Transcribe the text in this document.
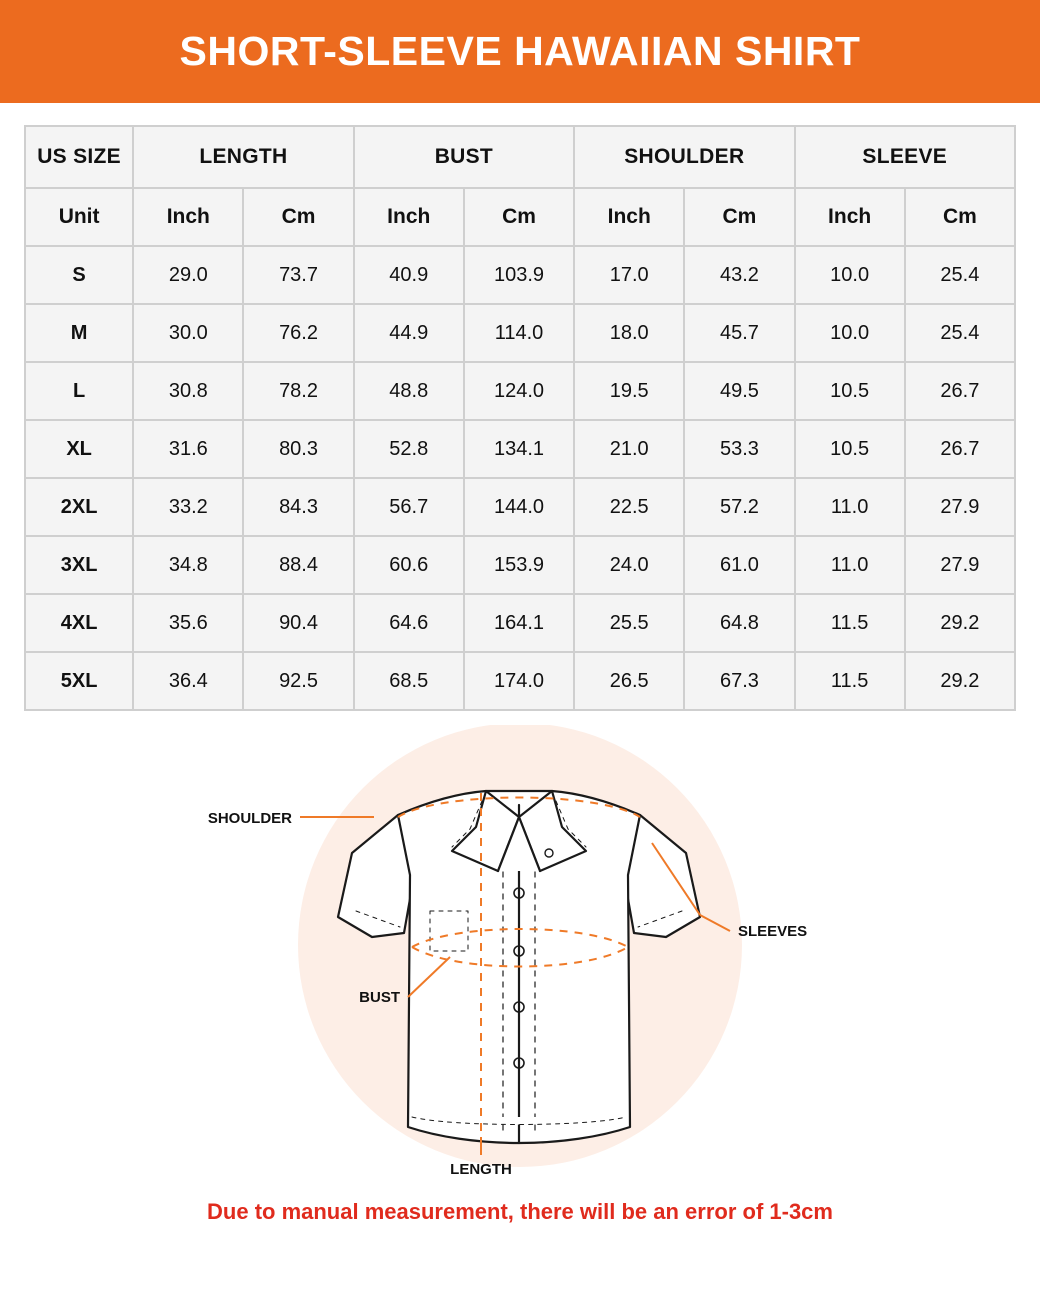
SHORT-SLEEVE HAWAIIAN SHIRT
US SIZE	LENGTH		BUST		SHOULDER		SLEEVE	
Unit	Inch	Cm	Inch	Cm	Inch	Cm	Inch	Cm
S	29.0	73.7	40.9	103.9	17.0	43.2	10.0	25.4
M	30.0	76.2	44.9	114.0	18.0	45.7	10.0	25.4
L	30.8	78.2	48.8	124.0	19.5	49.5	10.5	26.7
XL	31.6	80.3	52.8	134.1	21.0	53.3	10.5	26.7
2XL	33.2	84.3	56.7	144.0	22.5	57.2	11.0	27.9
3XL	34.8	88.4	60.6	153.9	24.0	61.0	11.0	27.9
4XL	35.6	90.4	64.6	164.1	25.5	64.8	11.5	29.2
5XL	36.4	92.5	68.5	174.0	26.5	67.3	11.5	29.2
SHOULDER
SLEEVES
BUST
LENGTH
Due to manual measurement, there will be an error of 1-3cm
